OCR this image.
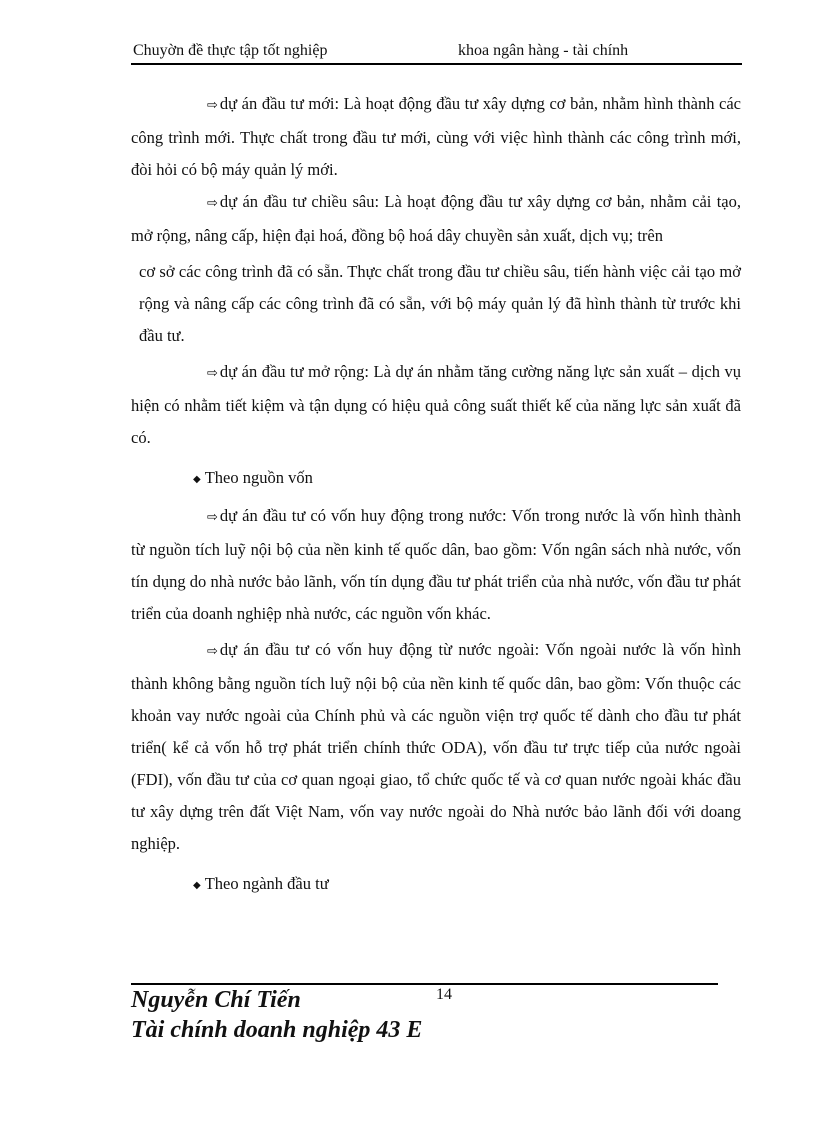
Chuyờn đề thực tập tốt nghiệp	khoa ngân hàng - tài chính

⇨ dự án đầu tư mới: Là hoạt động đầu tư xây dựng cơ bản, nhằm hình thành các công trình mới. Thực chất trong đầu tư mới, cùng với việc hình thành các công trình mới, đòi hỏi có bộ máy quản lý mới.

⇨ dự án đầu tư chiều sâu: Là hoạt động đầu tư xây dựng cơ bản, nhằm cải tạo, mở rộng, nâng cấp, hiện đại hoá, đồng bộ hoá dây chuyền sản xuất, dịch vụ; trên

cơ sở các công trình đã có sẵn. Thực chất trong đầu tư chiều sâu, tiến hành việc cải tạo mở rộng và nâng cấp các công trình đã có sẵn, với bộ máy quản lý đã hình thành từ trước khi đầu tư.

⇨ dự án đầu tư mở rộng: Là dự án nhằm tăng cường năng lực sản xuất – dịch vụ hiện có nhằm tiết kiệm và tận dụng có hiệu quả công suất thiết kế của năng lực sản xuất đã có.

◆ Theo nguồn vốn

⇨ dự án đầu tư có vốn huy động trong nước: Vốn trong nước là vốn hình thành từ nguồn tích luỹ nội bộ của nền kinh tế quốc dân, bao gồm: Vốn ngân sách nhà nước, vốn tín dụng do nhà nước bảo lãnh, vốn tín dụng đầu tư phát triển của nhà nước, vốn đầu tư phát triển của doanh nghiệp nhà nước, các nguồn vốn khác.

⇨ dự án đầu tư có vốn huy động từ nước ngoài: Vốn ngoài nước là vốn hình thành không bằng nguồn tích luỹ nội bộ của nền kinh tế quốc dân, bao gồm: Vốn thuộc các khoản vay nước ngoài của Chính phủ và các nguồn viện trợ quốc tế dành cho đầu tư phát triển( kể cả vốn hỗ trợ phát triển chính thức ODA), vốn đầu tư trực tiếp của nước ngoài (FDI), vốn đầu tư của cơ quan ngoại giao, tổ chức quốc tế và cơ quan nước ngoài khác đầu tư xây dựng trên đất Việt Nam, vốn vay nước ngoài do Nhà nước bảo lãnh đối với doang nghiệp.

◆ Theo ngành đầu tư
14
Nguyễn Chí Tiến
Tài chính doanh nghiệp 43 E
